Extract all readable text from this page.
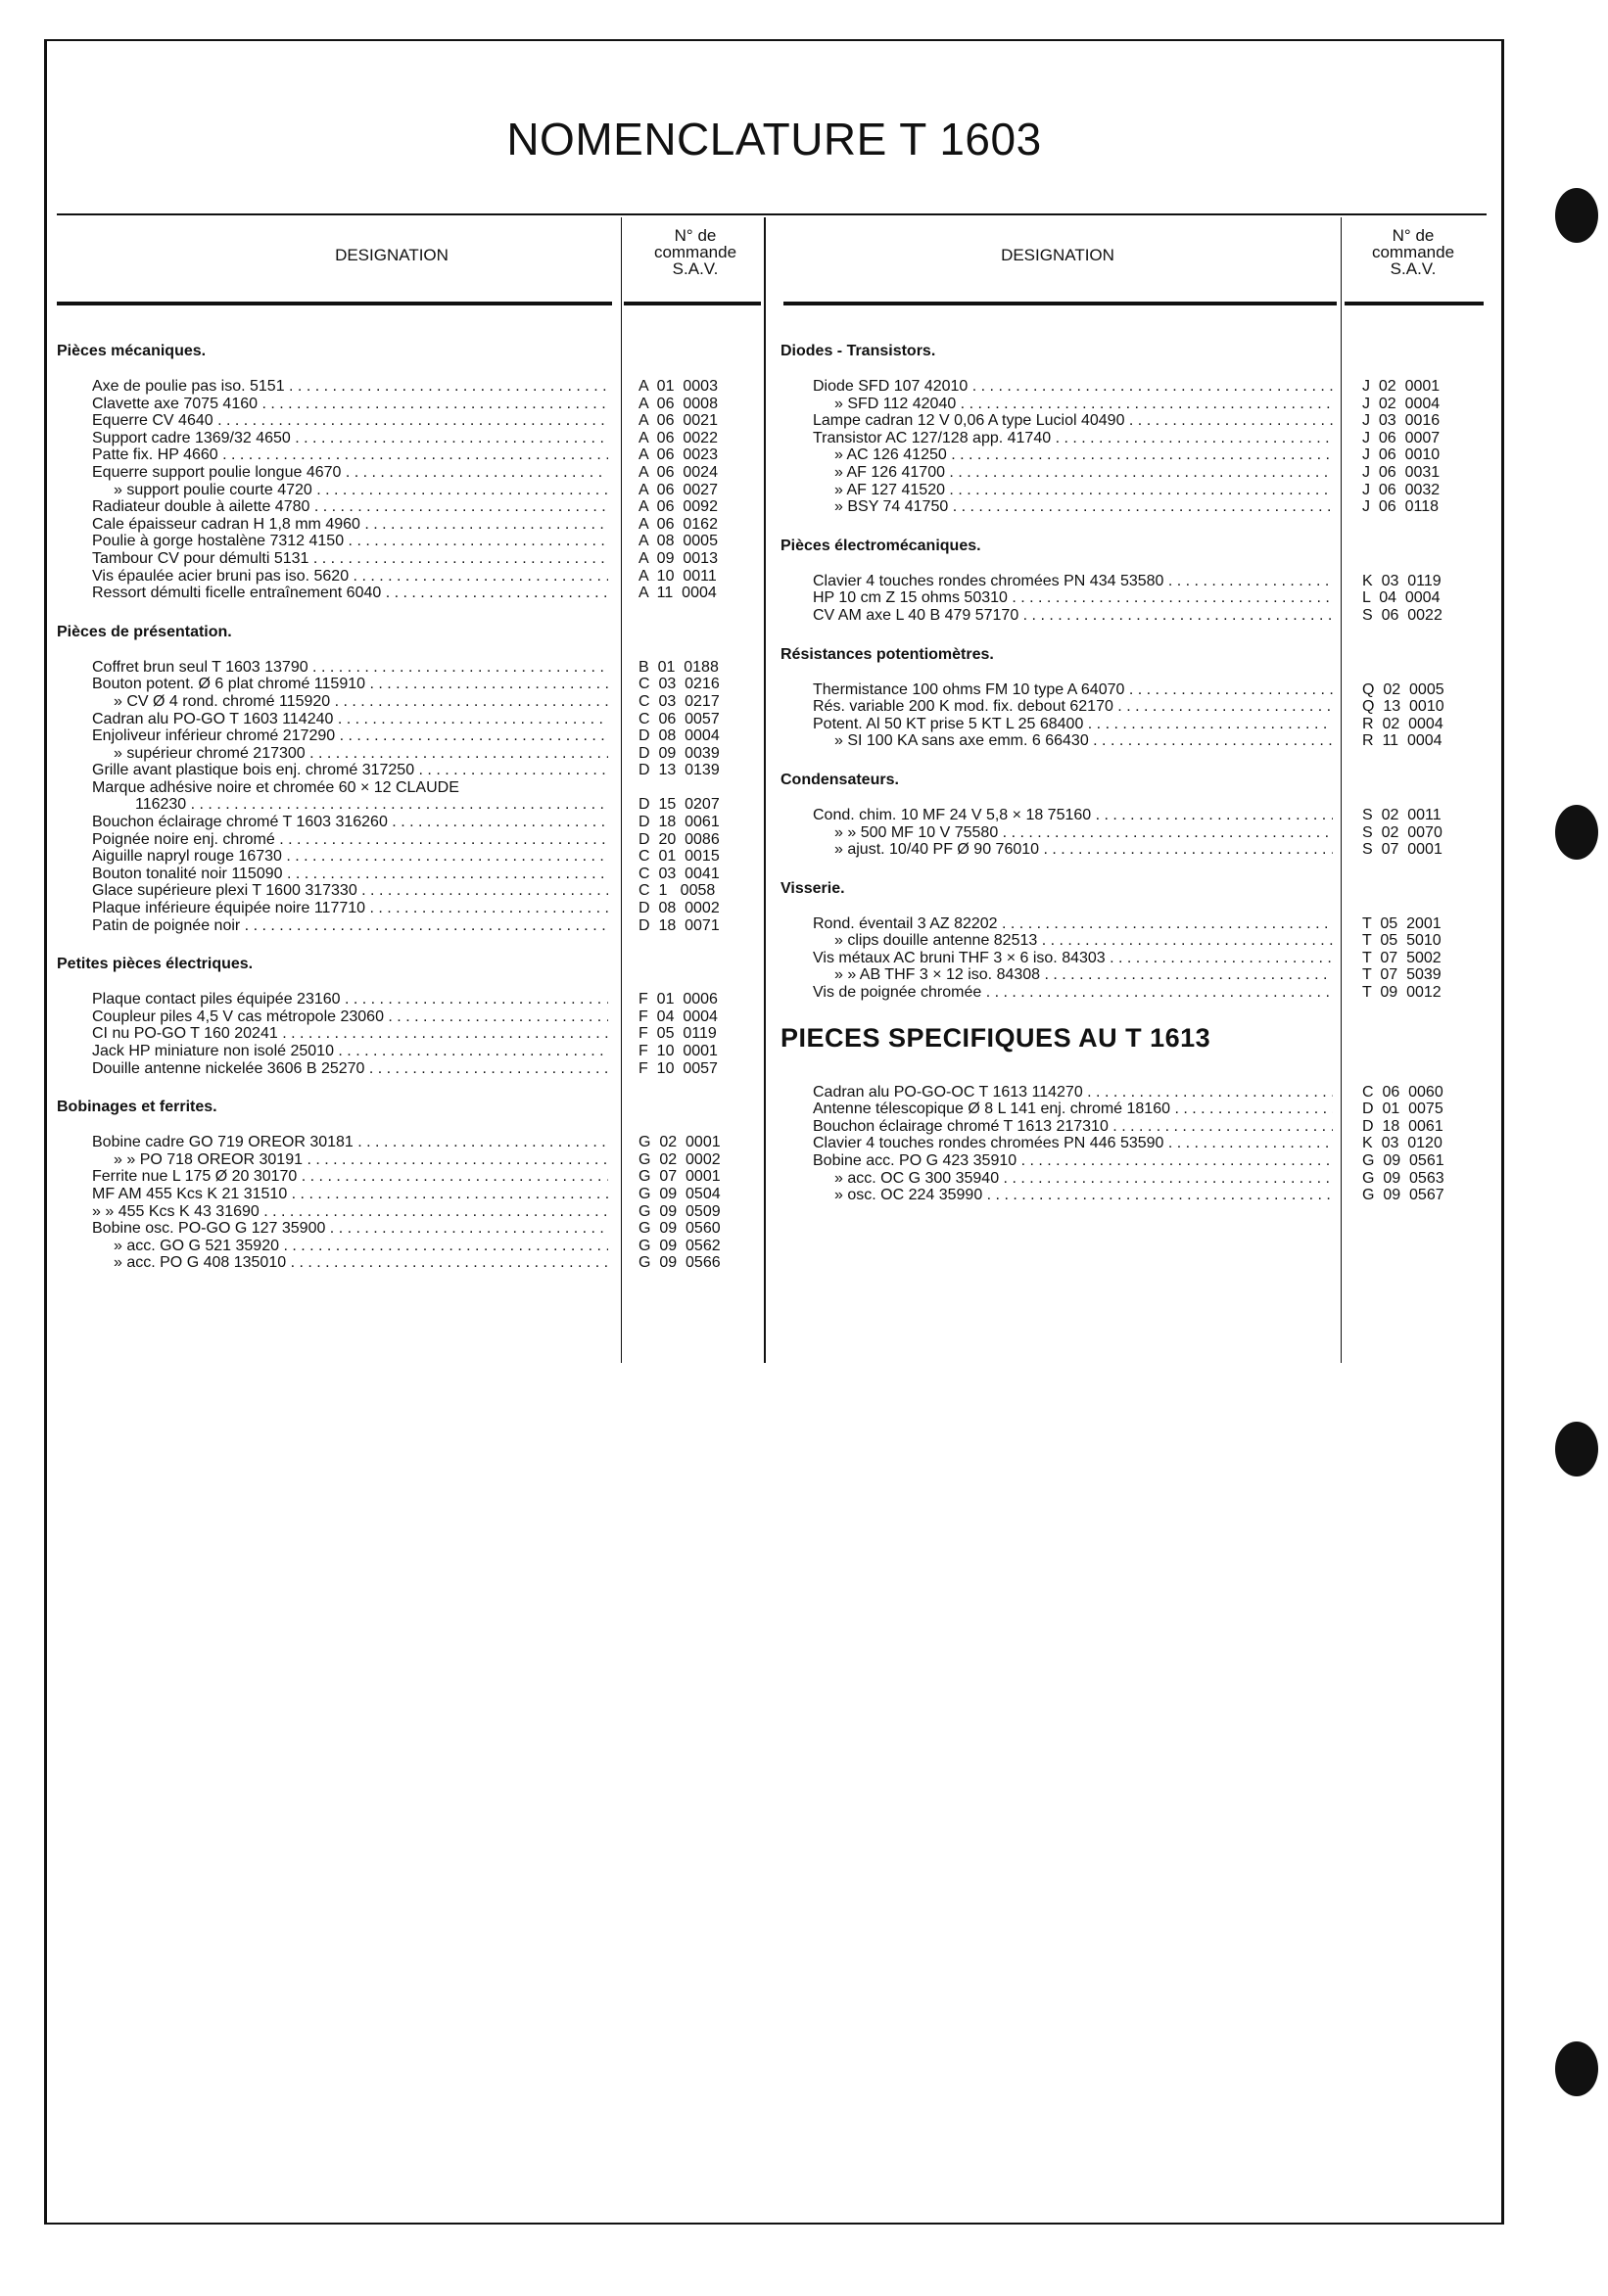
NOMENCLATURE T 1603
DESIGNATION
N° de
commande
S.A.V.
DESIGNATION
N° de
commande
S.A.V.
Pièces mécaniques.
Axe de poulie pas iso. 5151 . . .	A  01  0003
Clavette axe 7075 4160 . . .	A  06  0008
Equerre CV 4640 . . .	A  06  0021
Support cadre 1369/32 4650 . . .	A  06  0022
Patte fix. HP 4660 . . .	A  06  0023
Equerre support poulie longue 4670 . . .	A  06  0024
» support poulie courte 4720 . . .	A  06  0027
Radiateur double à ailette 4780 . . .	A  06  0092
Cale épaisseur cadran H 1,8 mm 4960 . . .	A  06  0162
Poulie à gorge hostalène 7312 4150 . . .	A  08  0005
Tambour CV pour démulti 5131 . . .	A  09  0013
Vis épaulée acier bruni pas iso. 5620 . . .	A  10  0011
Ressort démulti ficelle entraînement 6040 . . .	A  11  0004
Pièces de présentation.
Coffret brun seul T 1603 13790 . . .	B  01  0188
Bouton potent. Ø 6 plat chromé 115910 . . .	C  03  0216
» CV Ø 4 rond. chromé 115920 . . .	C  03  0217
Cadran alu PO-GO T 1603 114240 . . .	C  06  0057
Enjoliveur inférieur chromé 217290 . . .	D  08  0004
» supérieur chromé 217300 . . .	D  09  0039
Grille avant plastique bois enj. chromé 317250 . . .	D  13  0139
Marque adhésive noire et chromée 60 × 12 CLAUDE
116230 . . .	D  15  0207
Bouchon éclairage chromé T 1603 316260 . . .	D  18  0061
Poignée noire enj. chromé . . .	D  20  0086
Aiguille napryl rouge 16730 . . .	C  01  0015
Bouton tonalité noir 115090 . . .	C  03  0041
Glace supérieure plexi T 1600 317330 . . .	C  1   0058
Plaque inférieure équipée noire 117710 . . .	D  08  0002
Patin de poignée noir . . .	D  18  0071
Petites pièces électriques.
Plaque contact piles équipée 23160 . . .	F  01  0006
Coupleur piles 4,5 V cas métropole 23060 . . .	F  04  0004
CI nu PO-GO T 160 20241 . . .	F  05  0119
Jack HP miniature non isolé 25010 . . .	F  10  0001
Douille antenne nickelée 3606 B 25270 . . .	F  10  0057
Bobinages et ferrites.
Bobine cadre GO 719 OREOR 30181 . . .	G  02  0001
» » PO 718 OREOR 30191 . . .	G  02  0002
Ferrite nue L 175 Ø 20 30170 . . .	G  07  0001
MF AM 455 Kcs K 21 31510 . . .	G  09  0504
» » 455 Kcs K 43 31690 . . .	G  09  0509
Bobine osc. PO-GO G 127 35900 . . .	G  09  0560
» acc. GO G 521 35920 . . .	G  09  0562
» acc. PO G 408 135010 . . .	G  09  0566
Diodes - Transistors.
Diode SFD 107 42010 . . .	J  02  0001
» SFD 112 42040 . . .	J  02  0004
Lampe cadran 12 V 0,06 A type Luciol 40490 . . .	J  03  0016
Transistor AC 127/128 app. 41740 . . .	J  06  0007
» AC 126 41250 . . .	J  06  0010
» AF 126 41700 . . .	J  06  0031
» AF 127 41520 . . .	J  06  0032
» BSY 74 41750 . . .	J  06  0118
Pièces électromécaniques.
Clavier 4 touches rondes chromées PN 434 53580 . . .	K  03  0119
HP 10 cm Z 15 ohms 50310 . . .	L  04  0004
CV AM axe L 40 B 479 57170 . . .	S  06  0022
Résistances potentiomètres.
Thermistance 100 ohms FM 10 type A 64070 . . .	Q  02  0005
Rés. variable 200 K mod. fix. debout 62170 . . .	Q  13  0010
Potent. Al 50 KT prise 5 KT L 25 68400 . . .	R  02  0004
» SI 100 KA sans axe emm. 6 66430 . . .	R  11  0004
Condensateurs.
Cond. chim. 10 MF 24 V 5,8 × 18 75160 . . .	S  02  0011
» » 500 MF 10 V 75580 . . .	S  02  0070
» ajust. 10/40 PF Ø 90 76010 . . .	S  07  0001
Visserie.
Rond. éventail 3 AZ 82202 . . .	T  05  2001
» clips douille antenne 82513 . . .	T  05  5010
Vis métaux AC bruni THF 3 × 6 iso. 84303 . . .	T  07  5002
» » AB THF 3 × 12 iso. 84308 . . .	T  07  5039
Vis de poignée chromée . . .	T  09  0012
PIECES SPECIFIQUES AU T 1613
Cadran alu PO-GO-OC T 1613 114270 . . .	C  06  0060
Antenne télescopique Ø 8 L 141 enj. chromé 18160 . . .	D  01  0075
Bouchon éclairage chromé T 1613 217310 . . .	D  18  0061
Clavier 4 touches rondes chromées PN 446 53590 . . .	K  03  0120
Bobine acc. PO G 423 35910 . . .	G  09  0561
» acc. OC G 300 35940 . . .	G  09  0563
» osc. OC 224 35990 . . .	G  09  0567
